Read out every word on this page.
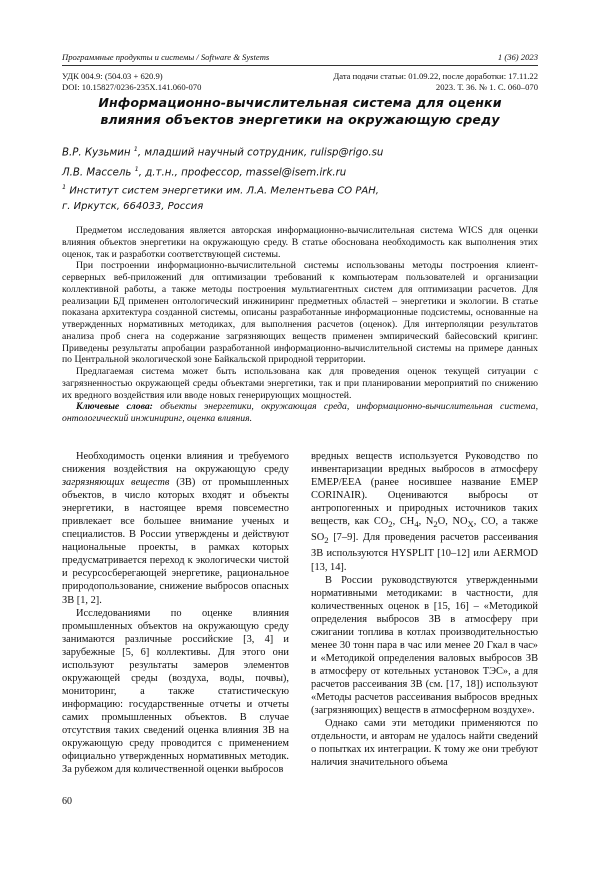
Программные продукты и системы / Software & Systems	1 (36) 2023
УДК 004.9: (504.03 + 620.9)	Дата подачи статьи: 01.09.22, после доработки: 17.11.22
DOI: 10.15827/0236-235X.141.060-070	2023. Т. 36. № 1. С. 060–070
Информационно-вычислительная система для оценки
влияния объектов энергетики на окружающую среду
В.Р. Кузьмин $^1$, младший научный сотрудник, rulisp@rigo.su
Л.В. Массель $^1$, д.т.н., профессор, massel@isem.irk.ru
$^1$ Институт систем энергетики им. Л.А. Мелентьева СО РАН,
г. Иркутск, 664033, Россия

Предметом исследования является авторская информационно-вычислительная система WICS для оценки влияния объектов энергетики на окружающую среду. В статье обоснована необходимость как выполнения этих оценок, так и разработки соответствующей системы.

При построении информационно-вычислительной системы использованы методы построения клиент-серверных веб-приложений для оптимизации требований к компьютерам пользователей и организации коллективной работы, а также методы построения мультиагентных систем для оптимизации расчетов. Для реализации БД применен онтологический инжиниринг предметных областей – энергетики и экологии. В статье показана архитектура созданной системы, описаны разработанные информационные подсистемы, основанные на утвержденных нормативных методиках, для выполнения расчетов (оценок). Для интерполяции результатов анализа проб снега на содержание загрязняющих веществ применен эмпирический байесовский кригинг. Приведены результаты апробации разработанной информационно-вычислительной системы на примере данных по Центральной экологической зоне Байкальской природной территории.

Предлагаемая система может быть использована как для проведения оценок текущей ситуации с загрязненностью окружающей среды объектами энергетики, так и при планировании мероприятий по снижению их вредного воздействия или вводе новых генерирующих мощностей.

Ключевые слова: объекты энергетики, окружающая среда, информационно-вычислительная система, онтологический инжиниринг, оценка влияния.

Необходимость оценки влияния и требуемого снижения воздействия на окружающую среду загрязняющих веществ (ЗВ) от промышленных объектов, в число которых входят и объекты энергетики, в настоящее время повсеместно привлекает все большее внимание ученых и специалистов. В России утверждены и действуют национальные проекты, в рамках которых предусматривается переход к экологически чистой и ресурсосберегающей энергетике, рациональное природопользование, снижение выбросов опасных ЗВ [1, 2].

Исследованиями по оценке влияния промышленных объектов на окружающую среду занимаются различные российские [3, 4] и зарубежные [5, 6] коллективы. Для этого они используют результаты замеров элементов окружающей среды (воздуха, воды, почвы), мониторинг, а также статистическую информацию: государственные отчеты и отчеты самих промышленных объектов. В случае отсутствия таких сведений оценка влияния ЗВ на окружающую среду проводится с применением официально утвержденных нормативных методик. За рубежом для количественной оценки выбросов

вредных веществ используется Руководство по инвентаризации вредных выбросов в атмосферу EMEP/EEA (ранее носившее название EMEP CORINAIR). Оцениваются выбросы от антропогенных и природных источников таких веществ, как $CO_2$, $CH_4$, $N_2O$, $NO_X$, CO, а также $SO_2$ [7–9]. Для проведения расчетов рассеивания ЗВ используются HYSPLIT [10–12] или AERMOD [13, 14].

В России руководствуются утвержденными нормативными методиками: в частности, для количественных оценок в [15, 16] – «Методикой определения выбросов ЗВ в атмосферу при сжигании топлива в котлах производительностью менее 30 тонн пара в час или менее 20 Гкал в час» и «Методикой определения валовых выбросов ЗВ в атмосферу от котельных установок ТЭС», а для расчетов рассеивания ЗВ (см. [17, 18]) используют «Методы расчетов рассеивания выбросов вредных (загрязняющих) веществ в атмосферном воздухе».

Однако сами эти методики применяются по отдельности, и авторам не удалось найти сведений о попытках их интеграции. К тому же они требуют наличия значительного объема

60
